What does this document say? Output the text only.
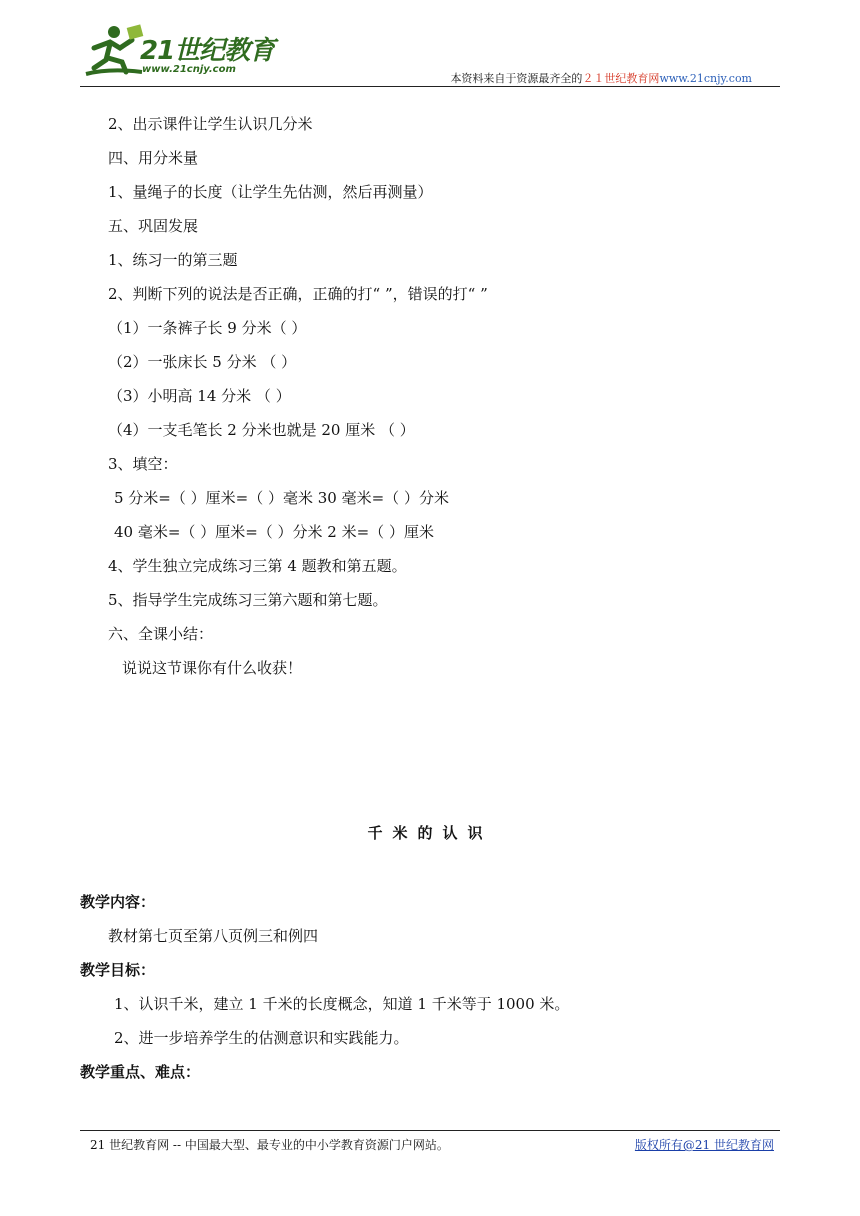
21世纪教育
www.21cnjy.com
本资料来自于资源最齐全的２１世纪教育网www.21cnjy.com
2、出示课件让学生认识几分米
四、用分米量
1、量绳子的长度（让学生先估测，然后再测量）
五、巩固发展
1、练习一的第三题
2、判断下列的说法是否正确，正确的打“ ”，错误的打“ ”
（1）一条裤子长 9 分米（ ）
（2）一张床长 5 分米 （ ）
（3）小明高 14 分米 （ ）
（4）一支毛笔长 2 分米也就是 20 厘米 （ ）
3、填空：
5 分米=（ ）厘米=（ ）毫米 30 毫米=（ ）分米
40 毫米=（ ）厘米=（ ）分米 2 米=（ ）厘米
4、学生独立完成练习三第 4 题教和第五题。
5、指导学生完成练习三第六题和第七题。
六、全课小结：
说说这节课你有什么收获！
千米的认识
教学内容：
教材第七页至第八页例三和例四
教学目标：
1、认识千米，建立 1 千米的长度概念，知道 1 千米等于 1000 米。
2、进一步培养学生的估测意识和实践能力。
教学重点、难点：
21 世纪教育网 -- 中国最大型、最专业的中小学教育资源门户网站。	版权所有@21 世纪教育网
